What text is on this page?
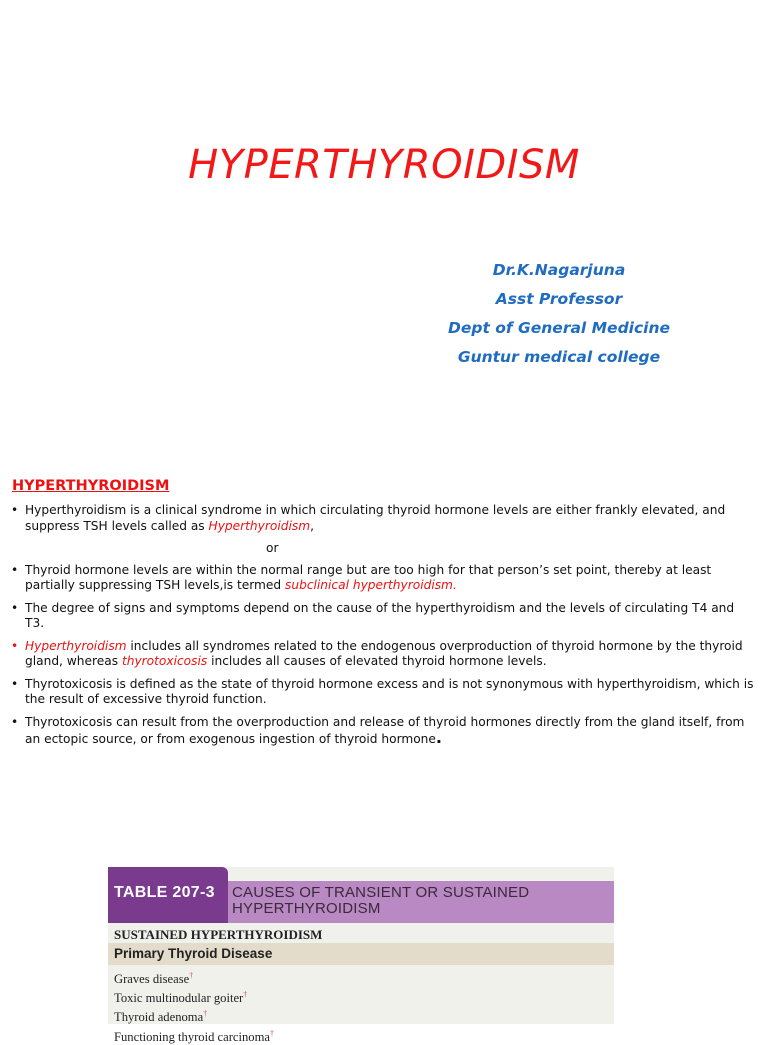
HYPERTHYROIDISM
Dr.K.Nagarjuna
Asst Professor
Dept of General Medicine
Guntur medical college
HYPERTHYROIDISM
• Hyperthyroidism is a clinical syndrome in which circulating thyroid hormone levels are either frankly elevated, and suppress TSH levels called as Hyperthyroidism,
or
• Thyroid hormone levels are within the normal range but are too high for that person’s set point, thereby at least partially suppressing TSH levels,is termed subclinical hyperthyroidism.
• The degree of signs and symptoms depend on the cause of the hyperthyroidism and the levels of circulating T4 and T3.
• Hyperthyroidism includes all syndromes related to the endogenous overproduction of thyroid hormone by the thyroid gland, whereas thyrotoxicosis includes all causes of elevated thyroid hormone levels.
• Thyrotoxicosis is defined as the state of thyroid hormone excess and is not synonymous with hyperthyroidism, which is the result of excessive thyroid function.
• Thyrotoxicosis can result from the overproduction and release of thyroid hormones directly from the gland itself, from an ectopic source, or from exogenous ingestion of thyroid hormone.
TABLE 207-3 CAUSES OF TRANSIENT OR SUSTAINED HYPERTHYROIDISM
SUSTAINED HYPERTHYROIDISM
Primary Thyroid Disease
Graves disease†
Toxic multinodular goiter†
Thyroid adenoma†
Functioning thyroid carcinoma†
